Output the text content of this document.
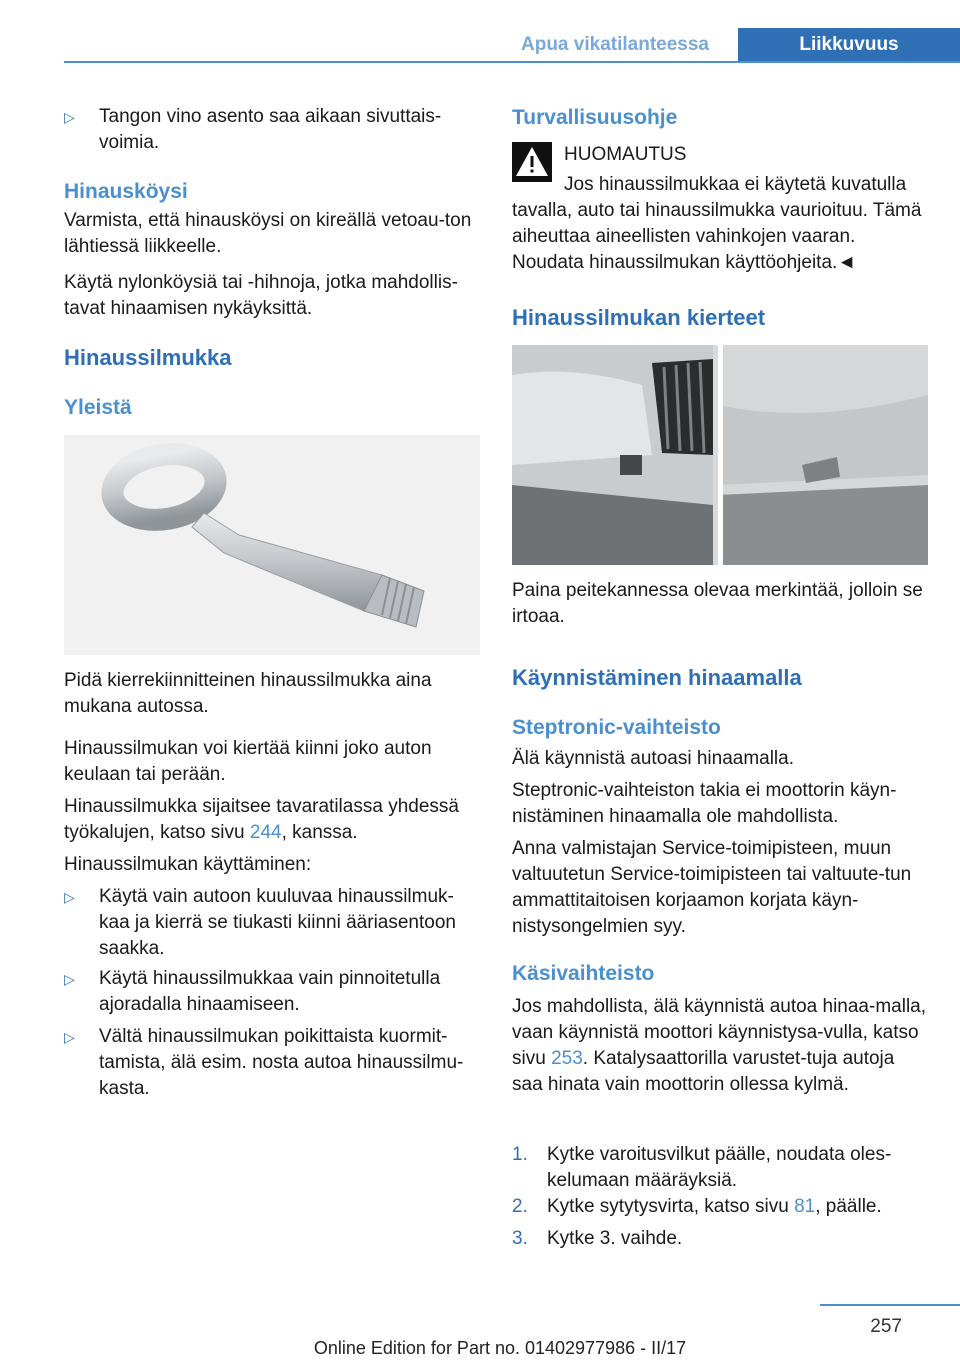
Apua vikatilanteessa	Liikkuvuus
▷ Tangon vino asento saa aikaan sivuttais-voimia.
Hinausköysi

Varmista, että hinausköysi on kireällä vetoau-ton lähtiessä liikkeelle.

Käytä nylonköysiä tai -hihnoja, jotka mahdollis-tavat hinaamisen nykäyksittä.

Hinaussilmukka
Yleistä

Pidä kierrekiinnitteinen hinaussilmukka aina mukana autossa.

Hinaussilmukan voi kiertää kiinni joko auton keulaan tai perään.

Hinaussilmukka sijaitsee tavaratilassa yhdessä työkalujen, katso sivu 244, kanssa.

Hinaussilmukan käyttäminen:

▷ Käytä vain autoon kuuluvaa hinaussilmuk-kaa ja kierrä se tiukasti kiinni ääriasentoon saakka.
▷ Käytä hinaussilmukkaa vain pinnoitetulla ajoradalla hinaamiseen.
▷ Vältä hinaussilmukan poikittaista kuormit-tamista, älä esim. nosta autoa hinaussilmu-kasta.
Turvallisuusohje

HUOMAUTUS

Jos hinaussilmukkaa ei käytetä kuvatulla tavalla, auto tai hinaussilmukka vaurioituu. Tämä aiheuttaa aineellisten vahinkojen vaaran. Noudata hinaussilmukan käyttöohjeita.◄

Hinaussilmukan kierteet

Paina peitekannessa olevaa merkintää, jolloin se irtoaa.

Käynnistäminen hinaamalla
Steptronic-vaihteisto

Älä käynnistä autoasi hinaamalla.

Steptronic-vaihteiston takia ei moottorin käyn-nistäminen hinaamalla ole mahdollista.

Anna valmistajan Service-toimipisteen, muun valtuutetun Service-toimipisteen tai valtuute-tun ammattitaitoisen korjaamon korjata käyn-nistysongelmien syy.

Käsivaihteisto

Jos mahdollista, älä käynnistä autoa hinaa-malla, vaan käynnistä moottori käynnistysa-vulla, katso sivu 253. Katalysaattorilla varustet-tuja autoja saa hinata vain moottorin ollessa kylmä.

1. Kytke varoitusvilkut päälle, noudata oles-kelumaan määräyksiä.
2. Kytke sytytysvirta, katso sivu 81, päälle.
3. Kytke 3. vaihde.
257
Online Edition for Part no. 01402977986 - II/17
